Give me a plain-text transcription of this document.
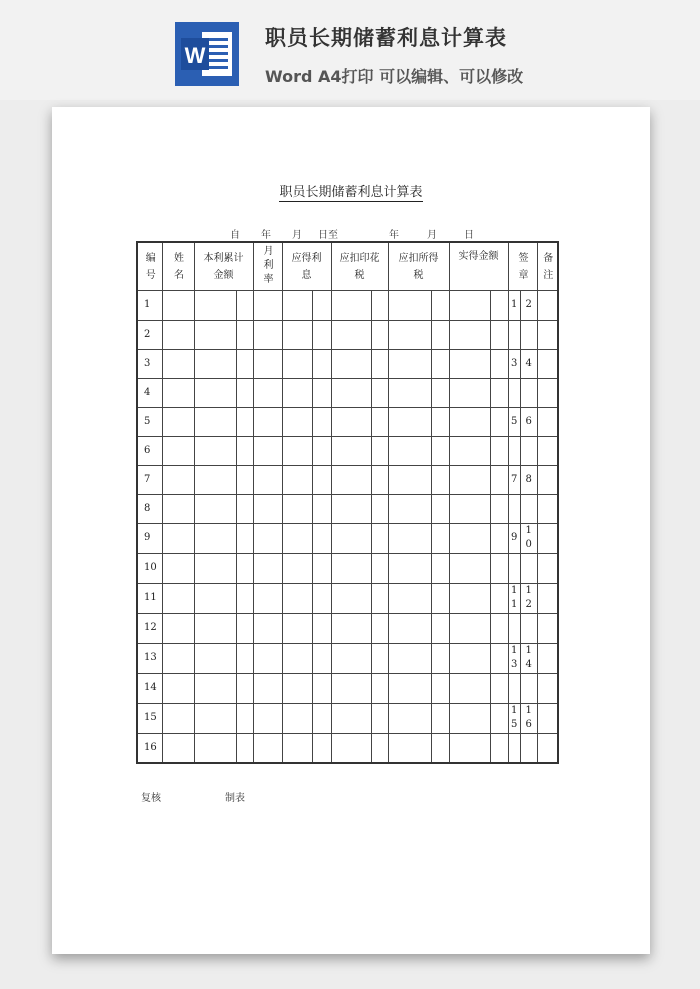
W
职员长期储蓄利息计算表
Word A4打印 可以编辑、可以修改
职员长期储蓄利息计算表
自 年 月 日至	年	月	日
编号	姓名	本利累计金额		月利率	应得利息		应扣印花税		应扣所得税		实得金额		签章		备注
1													1	2	
2															
3													3	4	
4															
5													5	6	
6															
7													7	8	
8															
9													9	10	
10															
11													11	12	
12															
13													13	14	
14															
15													15	16	
16															
复核	制表
